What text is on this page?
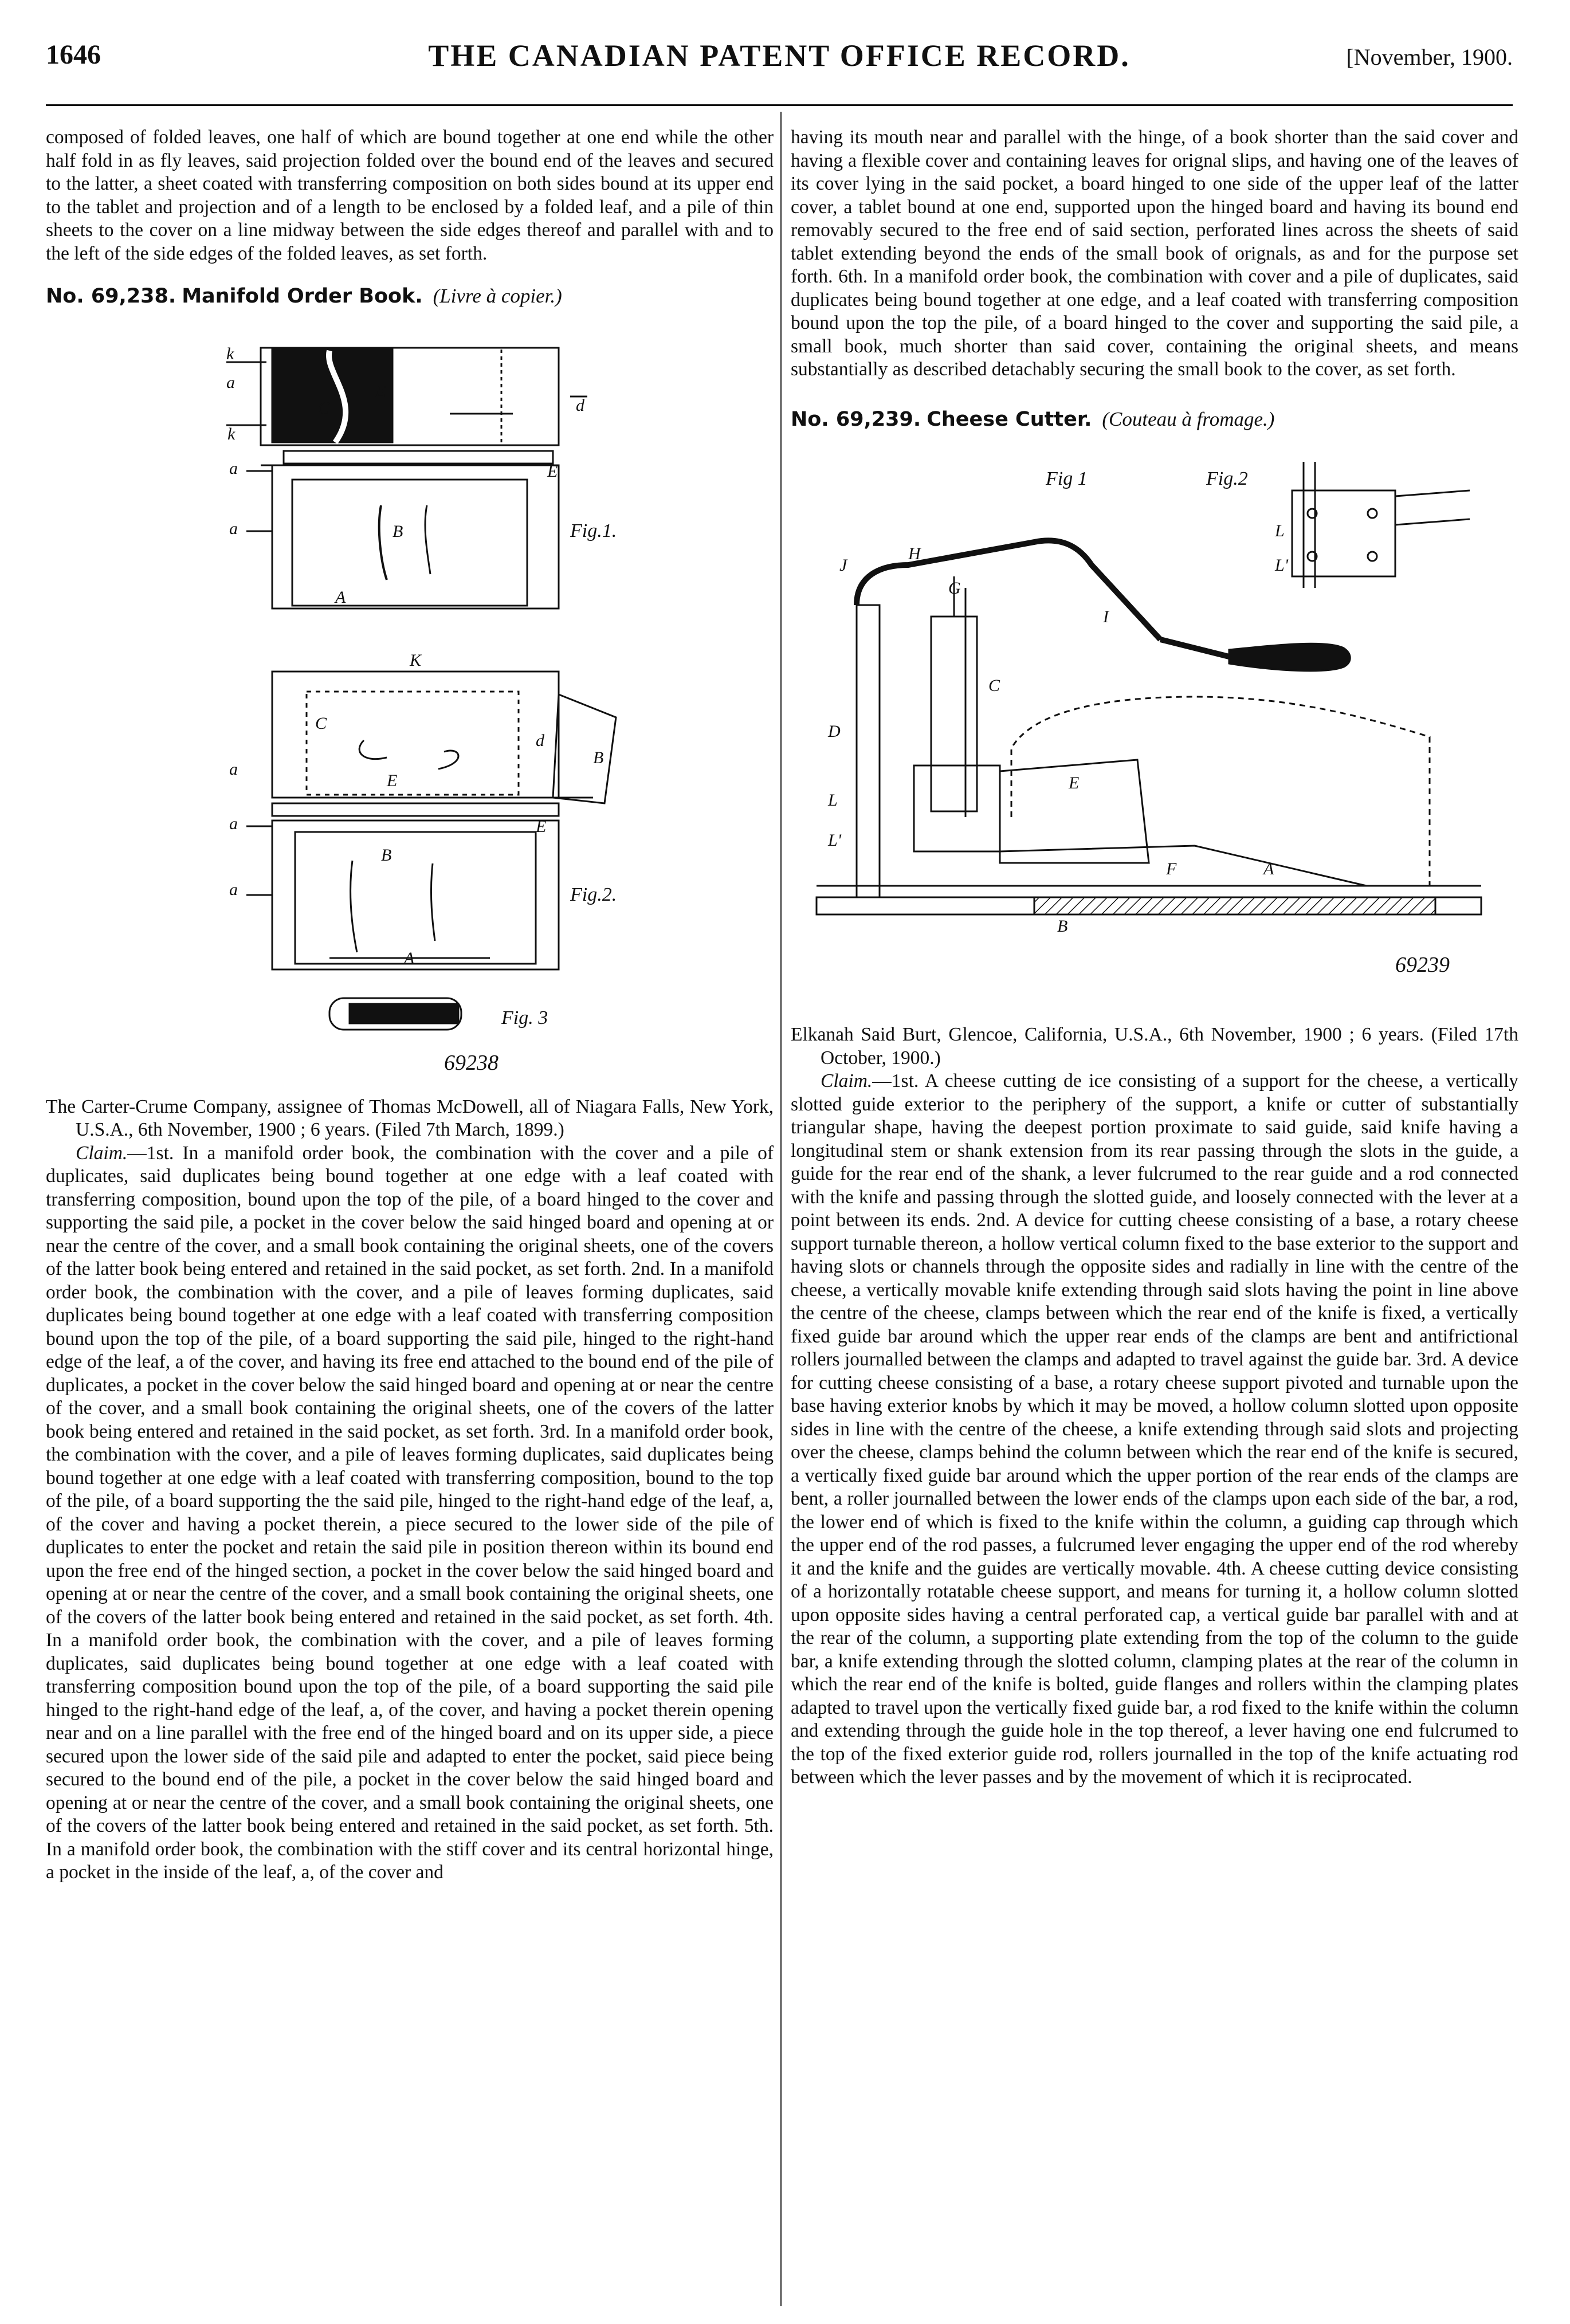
1646	THE CANADIAN PATENT OFFICE RECORD.	[November, 1900.

composed of folded leaves, one half of which are bound together at one end while the other half fold in as fly leaves, said projection folded over the bound end of the leaves and secured to the latter, a sheet coated with transferring composition on both sides bound at its upper end to the tablet and projection and of a length to be enclosed by a folded leaf, and a pile of thin sheets to the cover on a line midway between the side edges thereof and parallel with and to the left of the side edges of the folded leaves, as set forth.

No. 69,238. Manifold Order Book. (Livre à copier.)
k
a
k
a
a
C
E
B
A
E
d
K
C
E
d
B
a
a
a
B
A
E
Fig.1.
Fig.2.
Fig. 3
69238

The Carter-Crume Company, assignee of Thomas McDowell, all of Niagara Falls, New York, U.S.A., 6th November, 1900 ; 6 years. (Filed 7th March, 1899.)

Claim.—1st. In a manifold order book, the combination with the cover and a pile of duplicates, said duplicates being bound together at one edge with a leaf coated with transferring composition, bound upon the top of the pile, of a board hinged to the cover and supporting the said pile, a pocket in the cover below the said hinged board and opening at or near the centre of the cover, and a small book containing the original sheets, one of the covers of the latter book being entered and retained in the said pocket, as set forth. 2nd. In a manifold order book, the combination with the cover, and a pile of leaves forming duplicates, said duplicates being bound together at one edge with a leaf coated with transferring composition bound upon the top of the pile, of a board supporting the said pile, hinged to the right-hand edge of the leaf, a of the cover, and having its free end attached to the bound end of the pile of duplicates, a pocket in the cover below the said hinged board and opening at or near the centre of the cover, and a small book containing the original sheets, one of the covers of the latter book being entered and retained in the said pocket, as set forth. 3rd. In a manifold order book, the combination with the cover, and a pile of leaves forming duplicates, said duplicates being bound together at one edge with a leaf coated with transferring composition, bound to the top of the pile, of a board supporting the the said pile, hinged to the right-hand edge of the leaf, a, of the cover and having a pocket therein, a piece secured to the lower side of the pile of duplicates to enter the pocket and retain the said pile in position thereon within its bound end upon the free end of the hinged section, a pocket in the cover below the said hinged board and opening at or near the centre of the cover, and a small book containing the original sheets, one of the covers of the latter book being entered and retained in the said pocket, as set forth. 4th. In a manifold order book, the combination with the cover, and a pile of leaves forming duplicates, said duplicates being bound together at one edge with a leaf coated with transferring composition bound upon the top of the pile, of a board supporting the said pile hinged to the right-hand edge of the leaf, a, of the cover, and having a pocket therein opening near and on a line parallel with the free end of the hinged board and on its upper side, a piece secured upon the lower side of the said pile and adapted to enter the pocket, said piece being secured to the bound end of the pile, a pocket in the cover below the said hinged board and opening at or near the centre of the cover, and a small book containing the original sheets, one of the covers of the latter book being entered and retained in the said pocket, as set forth. 5th. In a manifold order book, the combination with the stiff cover and its central horizontal hinge, a pocket in the inside of the leaf, a, of the cover and

having its mouth near and parallel with the hinge, of a book shorter than the said cover and having a flexible cover and containing leaves for orignal slips, and having one of the leaves of its cover lying in the said pocket, a board hinged to one side of the upper leaf of the latter cover, a tablet bound at one end, supported upon the hinged board and having its bound end removably secured to the free end of said section, perforated lines across the sheets of said tablet extending beyond the ends of the small book of orignals, as and for the purpose set forth. 6th. In a manifold order book, the combination with cover and a pile of duplicates, said duplicates being bound together at one edge, and a leaf coated with transferring composition bound upon the top the pile, of a board hinged to the cover and supporting the said pile, a small book, much shorter than said cover, containing the original sheets, and means substantially as described detachably securing the small book to the cover, as set forth.

No. 69,239. Cheese Cutter. (Couteau à fromage.)
J
H
G
C
I
D
L
L'
E
F	A
B
L
L'
Fig 1	Fig.2
69239

Elkanah Said Burt, Glencoe, California, U.S.A., 6th November, 1900 ; 6 years. (Filed 17th October, 1900.)

Claim.—1st. A cheese cutting de ice consisting of a support for the cheese, a vertically slotted guide exterior to the periphery of the support, a knife or cutter of substantially triangular shape, having the deepest portion proximate to said guide, said knife having a longitudinal stem or shank extension from its rear passing through the slots in the guide, a guide for the rear end of the shank, a lever fulcrumed to the rear guide and a rod connected with the knife and passing through the slotted guide, and loosely connected with the lever at a point between its ends. 2nd. A device for cutting cheese consisting of a base, a rotary cheese support turnable thereon, a hollow vertical column fixed to the base exterior to the support and having slots or channels through the opposite sides and radially in line with the centre of the cheese, a vertically movable knife extending through said slots having the point in line above the centre of the cheese, clamps between which the rear end of the knife is fixed, a vertically fixed guide bar around which the upper rear ends of the clamps are bent and antifrictional rollers journalled between the clamps and adapted to travel against the guide bar. 3rd. A device for cutting cheese consisting of a base, a rotary cheese support pivoted and turnable upon the base having exterior knobs by which it may be moved, a hollow column slotted upon opposite sides in line with the centre of the cheese, a knife extending through said slots and projecting over the cheese, clamps behind the column between which the rear end of the knife is secured, a vertically fixed guide bar around which the upper portion of the rear ends of the clamps are bent, a roller journalled between the lower ends of the clamps upon each side of the bar, a rod, the lower end of which is fixed to the knife within the column, a guiding cap through which the upper end of the rod passes, a fulcrumed lever engaging the upper end of the rod whereby it and the knife and the guides are vertically movable. 4th. A cheese cutting device consisting of a horizontally rotatable cheese support, and means for turning it, a hollow column slotted upon opposite sides having a central perforated cap, a vertical guide bar parallel with and at the rear of the column, a supporting plate extending from the top of the column to the guide bar, a knife extending through the slotted column, clamping plates at the rear of the column in which the rear end of the knife is bolted, guide flanges and rollers within the clamping plates adapted to travel upon the vertically fixed guide bar, a rod fixed to the knife within the column and extending through the guide hole in the top thereof, a lever having one end fulcrumed to the top of the fixed exterior guide rod, rollers journalled in the top of the knife actuating rod between which the lever passes and by the movement of which it is reciprocated.
